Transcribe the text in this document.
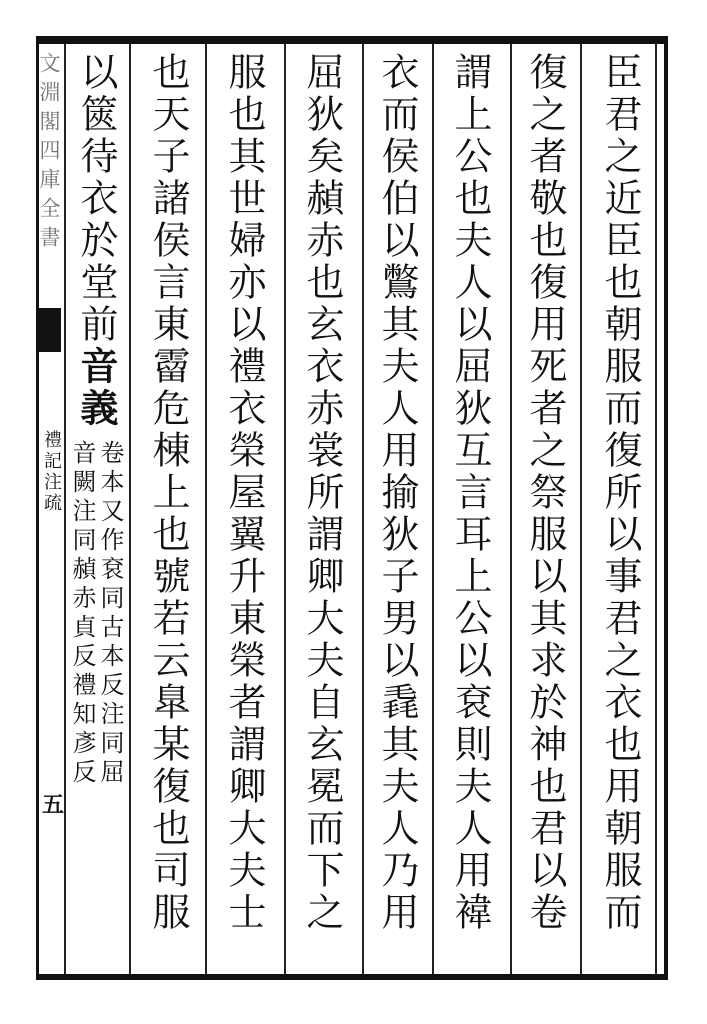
文淵閣四庫全書
禮記注疏
五	臣君之近臣也朝服而復所以事君之衣也用朝服而
復之者敬也復用死者之祭服以其求於神也君以卷
謂上公也夫人以屈狄互言耳上公以袞則夫人用褘
衣而侯伯以鷩其夫人用揄狄子男以毳其夫人乃用
屈狄矣赬赤也玄衣赤裳所謂卿大夫自玄冕而下之
服也其世婦亦以禮衣榮屋翼升東榮者謂卿大夫士
也天子諸侯言東霤危棟上也號若云臯某復也司服
以篋待衣於堂前音義
卷本又作袞同古本反注同屈
音闕注同赬赤貞反禮知彥反
